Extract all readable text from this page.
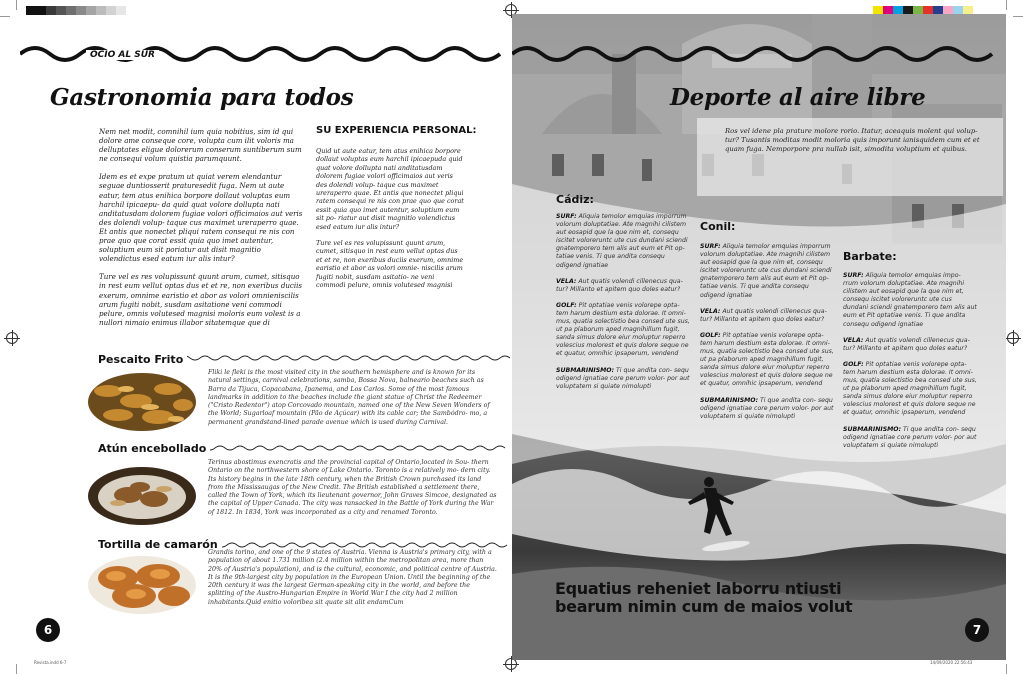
Revista.indd 6-7	14/09/2020 22:56:43
OCIO AL SUR
Gastronomia para todos

Nem net modit, comnihil ium quia nobitius, sim id qui dolore ame conseque core, volupta cum ilit voloris ma delluptates eligue dolorerum conserum suntiberum sum ne consequi volum quistia parumquunt.

Idem es et expe pratum ut quiat verem elendantur seguae duntiosserit praturesedit fuga. Nem ut aute eatur, tem atus enihica borpore dollaut voluptas eum harchil ipicaepu- da quid quat volore dollupta nati anditatusdam dolorem fugiae volori officimaios aut veris des dolendi volup- taque cus maximet ureraperro quae. Et antis que nonectet pliqui ratem consequi re nis con prae quo que corat essit quia quo imet autentur, soluptium eum sit poriatur aut disit magnitio volendictus esed eatum iur alis intur?

Ture vel es res volupissunt quunt arum, cumet, sitisquo in rest eum vellut optas dus et et re, non exeribus duciis exerum, omnime earistio et abor as volori omnieniscilis arum fugiti nobit, susdam asitatione veni commodi pelure, omnis volutesed magnisi moloris eum volest is a nullori nimaio enimus illabor sitatemque que di

SU EXPERIENCIA PERSONAL:

Quid ut aute eatur, tem atus enihica borpore dollaut voluptas eum harchil ipicaepuda quid quat volore dollupta nati anditatusdam dolorem fugiae volori officimaios aut veris des dolendi volup- taque cus maximet ureraperro quae. Et antis que nonectet pliqui ratem consequi re nis con prae quo que corat essit quia quo imet autentur, soluptium eum sit po- riatur aut disit magnitio volendictus esed eatum iur alis intur?

Ture vel es res volupissunt quunt arum, cumet, sitisquo in rest eum vellut optas dus et et re, non exeribus duciis exerum, omnime earistio et abor as volori omnie- niscilis arum fugiti nobit, susdam asitatio- ne veni commodi pelure, omnis volutesed magnisi

Pescaito Frito

Fliki le fleki is the most visited city in the southern hemisphere and is known for its natural settings, carnival celebrations, samba, Bossa Nova, balneario beaches such as Barra da Tijuca, Copacabana, Ipanema, and Los Carlos. Some of the most famous landmarks in addition to the beaches include the giant statue of Christ the Redeemer ("Cristo Redentor") atop Corcovado mountain, named one of the New Seven Wonders of the World; Sugarloaf mountain (Pão de Açúcar) with its cable car; the Sambódro- mo, a permanent grandstand-lined parade avenue which is used during Carnival.

Atún encebollado

Terinus abostimus exencratis and the provincial capital of Ontario,located in Sou- thern Ontario on the northwestern shore of Lake Ontario. Toronto is a relatively mo- dern city. Its history begins in the late 18th century, when the British Crown purchased its land from the Mississaugas of the New Credit. The British established a settlement there, called the Town of York, which its lieutenant governor, John Graves Simcoe, designated as the capital of Upper Canada. The city was ransacked in the Battle of York during the War of 1812. In 1834, York was incorporated as a city and renamed Toronto.

Tortilla de camarón

Grandis torino, and one of the 9 states of Austria. Vienna is Austria's primary city, with a population of about 1.731 million (2.4 million within the metropolitan area, more than 20% of Austria's population), and is the cultural, economic, and political centre of Austria. It is the 9th-largest city by population in the European Union. Until the beginning of the 20th century it was the largest German-speaking city in the world, and before the splitting of the Austro-Hungarian Empire in World War I the city had 2 million inhabitants.Quid enitio voloribea sit quate sit alit endamCum

6
Deporte al aire libre

Ros vel idene pla prature molore rorio. Itatur, aceaquis molent qui volup- tur? Tusantis moditas modit moloria quis imporunt ianisquidem cum et et quam fuga. Nemporpore pra nullab isit, simodita voluptium et quibus.

Cádiz:

SURF: Aliquia temolor emquias imporrum volorum doluptatiae. Ate magnihi cilistem aut eosapid que la que nim et, consequ iscitet voloreruntc ute cus dundani sciendi gnatemporero tem alis aut eum et Pit op- tatiae venis. Ti que andita consequ odigend ignatiae

VELA: Aut quatis volendi cillenecus qua- tur? Millanto et apitem quo doles eatur?

GOLF: Pit optatiae venis volorepe opta- tem harum destium esta dolorae. It omni- mus, quatia solectistio bea consed ute sus, ut pa plaborum aped magnihillum fugit, sanda simus dolore eiur moluptur reperro volescius molorest et quis dolore seque ne et quatur, omnihic ipsaperum, vendend

SUBMARINISMO: Ti que andita con- sequ odigend ignatiae core perum volor- por aut voluptatem si quiate nimolupti

Conil:

SURF: Aliquia temolor emquias imporrum volorum doluptatiae. Ate magnihi cilistem aut eosapid que la que nim et, consequ iscitet voloreruntc ute cus dundani sciendi gnatemporero tem alis aut eum et Pit op- tatiae venis. Ti que andita consequ odigend ignatiae

VELA: Aut quatis volendi cillenecus qua- tur? Millanto et apitem quo doles eatur?

GOLF: Pit optatiae venis volorepe opta- tem harum destium esta dolorae. It omni- mus, quatia solectistio bea consed ute sus, ut pa plaborum aped magnihillum fugit, sanda simus dolore eiur moluptur reperro volescius molorest et quis dolore seque ne et quatur, omnihic ipsaperum, vendend

SUBMARINISMO: Ti que andita con- sequ odigend ignatiae core perum volor- por aut voluptatem si quiate nimolupti

Barbate:

SURF: Aliquia temolor emquias impo- rrum volorum doluptatiae. Ate magnihi cilistem aut eosapid que la que nim et, consequ iscitet voloreruntc ute cus dundani sciendi gnatemporero tem alis aut eum et Pit optatiae venis. Ti que andita consequ odigend ignatiae

VELA: Aut quatis volendi cillenecus qua- tur? Millanto et apitem quo doles eatur?

GOLF: Pit optatiae venis volorepe opta- tem harum destium esta dolorae. It omni- mus, quatia solectistio bea consed ute sus, ut pa plaborum aped magnihillum fugit, sanda simus dolore eiur moluptur reperro volescius molorest et quis dolore seque ne et quatur, omnihic ipsaperum, vendend

SUBMARINISMO: Ti que andita con- sequ odigend ignatiae core perum volor- por aut voluptatem si quiate nimolupti

Equatius reheniet laborru ntiusti bearum nimin cum de maios volut
7
